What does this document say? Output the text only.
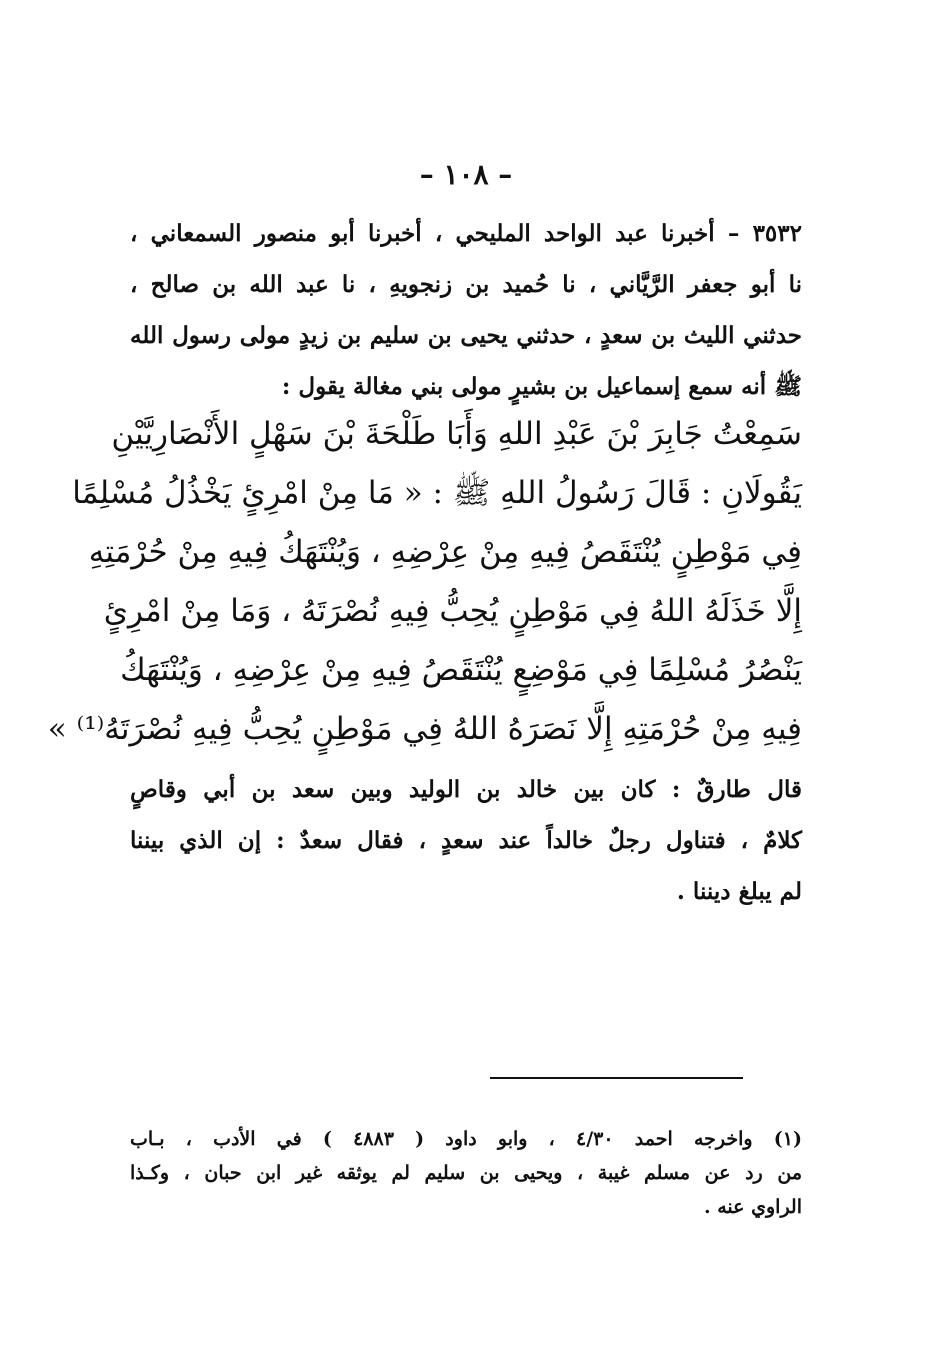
– ١٠٨ –
٣٥٣٢ – أخبرنا عبد الواحد المليحي ، أخبرنا أبو منصور السمعاني ،
نا أبو جعفر الرَّيَّاني ، نا حُميد بن زنجويهِ ، نا عبد الله بن صالح ،
حدثني الليث بن سعدٍ ، حدثني يحيى بن سليم بن زيدٍ مولى رسول الله
ﷺ أنه سمع إسماعيل بن بشيرٍ مولى بني مغالة يقول :
سَمِعْتُ جَابِرَ بْنَ عَبْدِ اللهِ وَأَبَا طَلْحَةَ بْنَ سَهْلٍ الأَنْصَارِيَّيْنِ
يَقُولَانِ : قَالَ رَسُولُ اللهِ ﷺ : « مَا مِنْ امْرِئٍ يَخْذُلُ مُسْلِمًا
فِي مَوْطِنٍ يُنْتَقَصُ فِيهِ مِنْ عِرْضِهِ ، وَيُنْتَهَكُ فِيهِ مِنْ حُرْمَتِهِ
إِلَّا خَذَلَهُ اللهُ فِي مَوْطِنٍ يُحِبُّ فِيهِ نُصْرَتَهُ ، وَمَا مِنْ امْرِئٍ
يَنْصُرُ مُسْلِمًا فِي مَوْضِعٍ يُنْتَقَصُ فِيهِ مِنْ عِرْضِهِ ، وَيُنْتَهَكُ
فِيهِ مِنْ حُرْمَتِهِ إِلَّا نَصَرَهُ اللهُ فِي مَوْطِنٍ يُحِبُّ فِيهِ نُصْرَتَهُ⁽¹⁾ »
قال طارقٌ : كان بين خالد بن الوليد وبين سعد بن أبي وقاصٍ
كلامٌ ، فتناول رجلٌ خالداً عند سعدٍ ، فقال سعدٌ : إن الذي بيننا
لم يبلغ ديننا .
(١) واخرجه احمد ٤/٣٠ ، وابو داود ( ٤٨٨٣ ) في الأدب ، بـاب
من رد عن مسلم غيبة ، ويحيى بن سليم لم يوثقه غير ابن حبان ، وكـذا
الراوي عنه .
